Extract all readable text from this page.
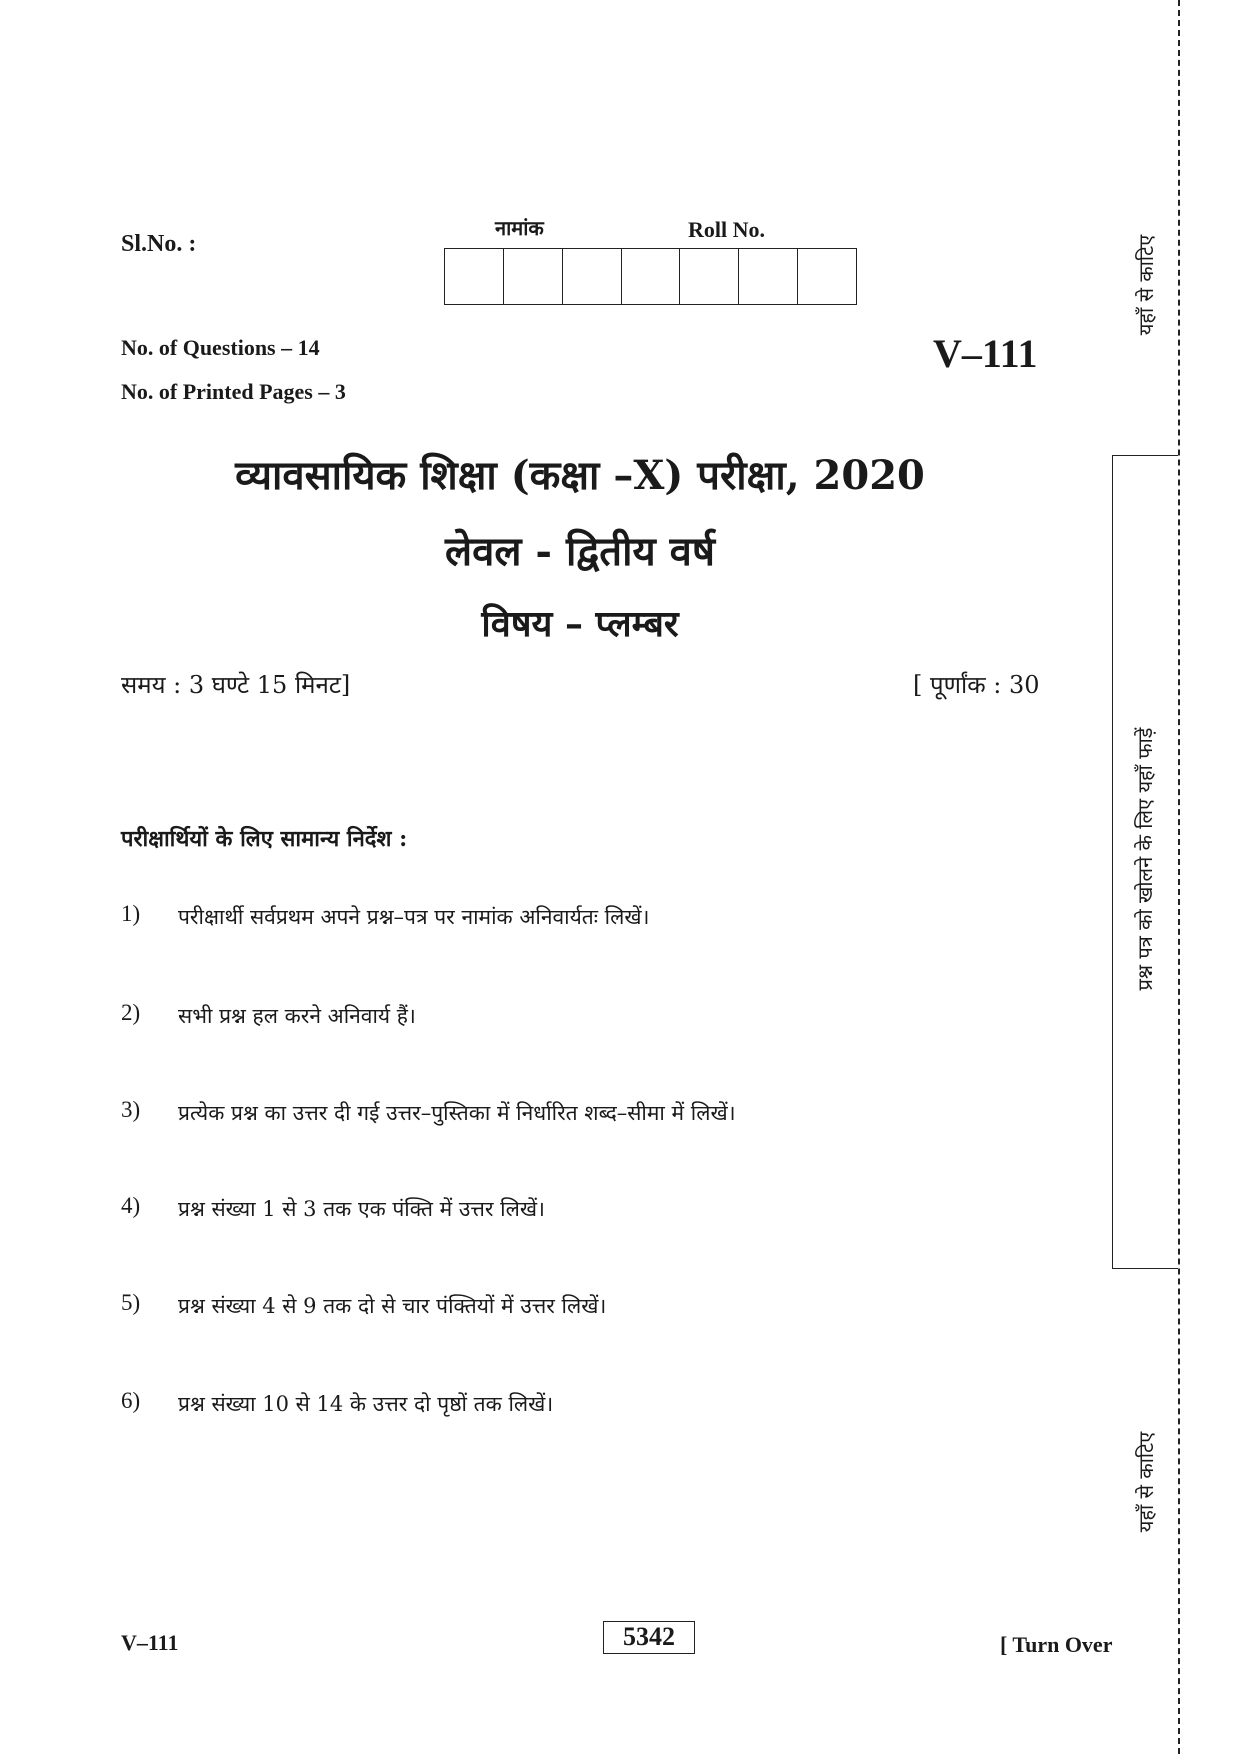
Sl.No. :
नामांक	Roll No.
No. of Questions – 14
No. of Printed Pages – 3
V–111
व्यावसायिक शिक्षा (कक्षा –X) परीक्षा, 2020
लेवल - द्वितीय वर्ष
विषय – प्लम्बर
समय : 3 घण्टे 15 मिनट]	[ पूर्णांक : 30
परीक्षार्थियों के लिए सामान्य निर्देश :
1) परीक्षार्थी सर्वप्रथम अपने प्रश्न–पत्र पर नामांक अनिवार्यतः लिखें।
2) सभी प्रश्न हल करने अनिवार्य हैं।
3) प्रत्येक प्रश्न का उत्तर दी गई उत्तर–पुस्तिका में निर्धारित शब्द–सीमा में लिखें।
4) प्रश्न संख्या 1 से 3 तक एक पंक्ति में उत्तर लिखें।
5) प्रश्न संख्या 4 से 9 तक दो से चार पंक्तियों में उत्तर लिखें।
6) प्रश्न संख्या 10 से 14 के उत्तर दो पृष्ठों तक लिखें।
V–111	5342	[ Turn Over
यहाँ से काटिए
प्रश्न पत्र को खोलने के लिए यहाँ फाड़ें
यहाँ से काटिए
